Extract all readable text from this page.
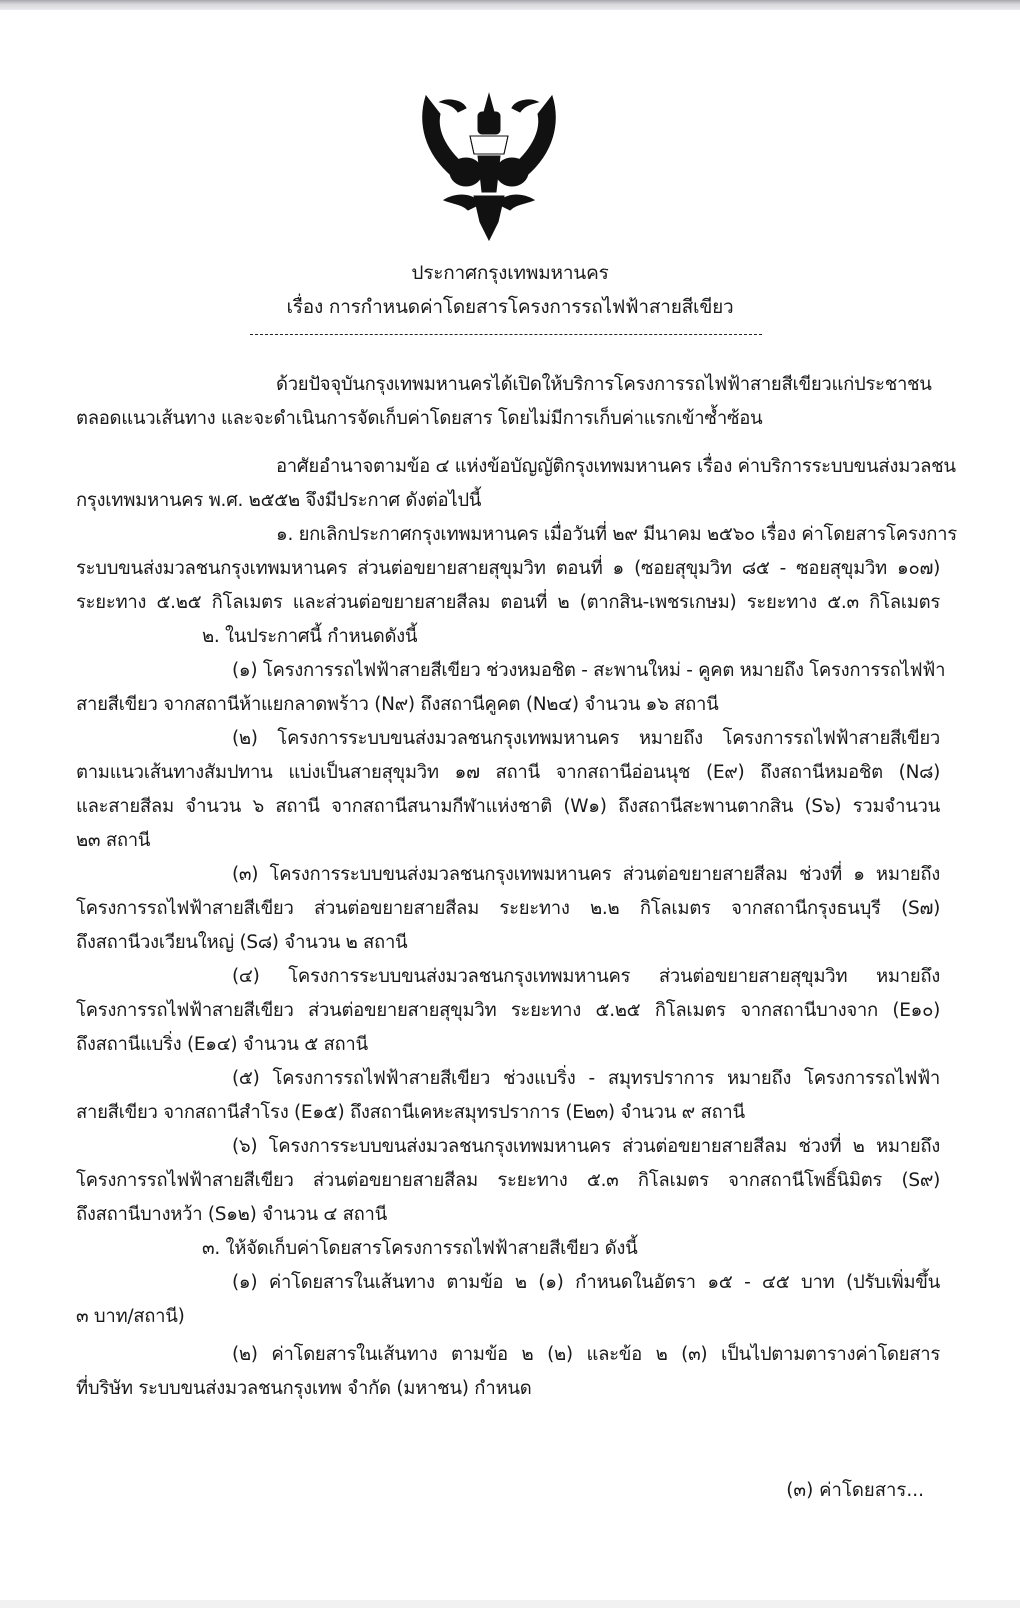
ประกาศกรุงเทพมหานคร
เรื่อง การกำหนดค่าโดยสารโครงการรถไฟฟ้าสายสีเขียว
ด้วยปัจจุบันกรุงเทพมหานครได้เปิดให้บริการโครงการรถไฟฟ้าสายสีเขียวแก่ประชาชน
ตลอดแนวเส้นทาง และจะดำเนินการจัดเก็บค่าโดยสาร โดยไม่มีการเก็บค่าแรกเข้าซ้ำซ้อน
อาศัยอำนาจตามข้อ ๔ แห่งข้อบัญญัติกรุงเทพมหานคร เรื่อง ค่าบริการระบบขนส่งมวลชน
กรุงเทพมหานคร พ.ศ. ๒๕๕๒ จึงมีประกาศ ดังต่อไปนี้
๑. ยกเลิกประกาศกรุงเทพมหานคร เมื่อวันที่ ๒๙ มีนาคม ๒๕๖๐ เรื่อง ค่าโดยสารโครงการ
ระบบขนส่งมวลชนกรุงเทพมหานคร ส่วนต่อขยายสายสุขุมวิท ตอนที่ ๑ (ซอยสุขุมวิท ๘๕ - ซอยสุขุมวิท ๑๐๗)
ระยะทาง ๕.๒๕ กิโลเมตร และส่วนต่อขยายสายสีลม ตอนที่ ๒ (ตากสิน-เพชรเกษม) ระยะทาง ๕.๓ กิโลเมตร
๒. ในประกาศนี้ กำหนดดังนี้
(๑) โครงการรถไฟฟ้าสายสีเขียว ช่วงหมอชิต - สะพานใหม่ - คูคต หมายถึง โครงการรถไฟฟ้า
สายสีเขียว จากสถานีห้าแยกลาดพร้าว (N๙) ถึงสถานีคูคต (N๒๔) จำนวน ๑๖ สถานี
(๒) โครงการระบบขนส่งมวลชนกรุงเทพมหานคร หมายถึง โครงการรถไฟฟ้าสายสีเขียว
ตามแนวเส้นทางสัมปทาน แบ่งเป็นสายสุขุมวิท ๑๗ สถานี จากสถานีอ่อนนุช (E๙) ถึงสถานีหมอชิต (N๘)
และสายสีลม จำนวน ๖ สถานี จากสถานีสนามกีฬาแห่งชาติ (W๑) ถึงสถานีสะพานตากสิน (S๖) รวมจำนวน
๒๓ สถานี
(๓) โครงการระบบขนส่งมวลชนกรุงเทพมหานคร ส่วนต่อขยายสายสีลม ช่วงที่ ๑ หมายถึง
โครงการรถไฟฟ้าสายสีเขียว ส่วนต่อขยายสายสีลม ระยะทาง ๒.๒ กิโลเมตร จากสถานีกรุงธนบุรี (S๗)
ถึงสถานีวงเวียนใหญ่ (S๘) จำนวน ๒ สถานี
(๔) โครงการระบบขนส่งมวลชนกรุงเทพมหานคร ส่วนต่อขยายสายสุขุมวิท หมายถึง
โครงการรถไฟฟ้าสายสีเขียว ส่วนต่อขยายสายสุขุมวิท ระยะทาง ๕.๒๕ กิโลเมตร จากสถานีบางจาก (E๑๐)
ถึงสถานีแบริ่ง (E๑๔) จำนวน ๕ สถานี
(๕) โครงการรถไฟฟ้าสายสีเขียว ช่วงแบริ่ง - สมุทรปราการ หมายถึง โครงการรถไฟฟ้า
สายสีเขียว จากสถานีสำโรง (E๑๕) ถึงสถานีเคหะสมุทรปราการ (E๒๓) จำนวน ๙ สถานี
(๖) โครงการระบบขนส่งมวลชนกรุงเทพมหานคร ส่วนต่อขยายสายสีลม ช่วงที่ ๒ หมายถึง
โครงการรถไฟฟ้าสายสีเขียว ส่วนต่อขยายสายสีลม ระยะทาง ๕.๓ กิโลเมตร จากสถานีโพธิ์นิมิตร (S๙)
ถึงสถานีบางหว้า (S๑๒) จำนวน ๔ สถานี
๓. ให้จัดเก็บค่าโดยสารโครงการรถไฟฟ้าสายสีเขียว ดังนี้
(๑) ค่าโดยสารในเส้นทาง ตามข้อ ๒ (๑) กำหนดในอัตรา ๑๕ - ๔๕ บาท (ปรับเพิ่มขึ้น
๓ บาท/สถานี)
(๒) ค่าโดยสารในเส้นทาง ตามข้อ ๒ (๒) และข้อ ๒ (๓) เป็นไปตามตารางค่าโดยสาร
ที่บริษัท ระบบขนส่งมวลชนกรุงเทพ จำกัด (มหาชน) กำหนด
(๓) ค่าโดยสาร...
